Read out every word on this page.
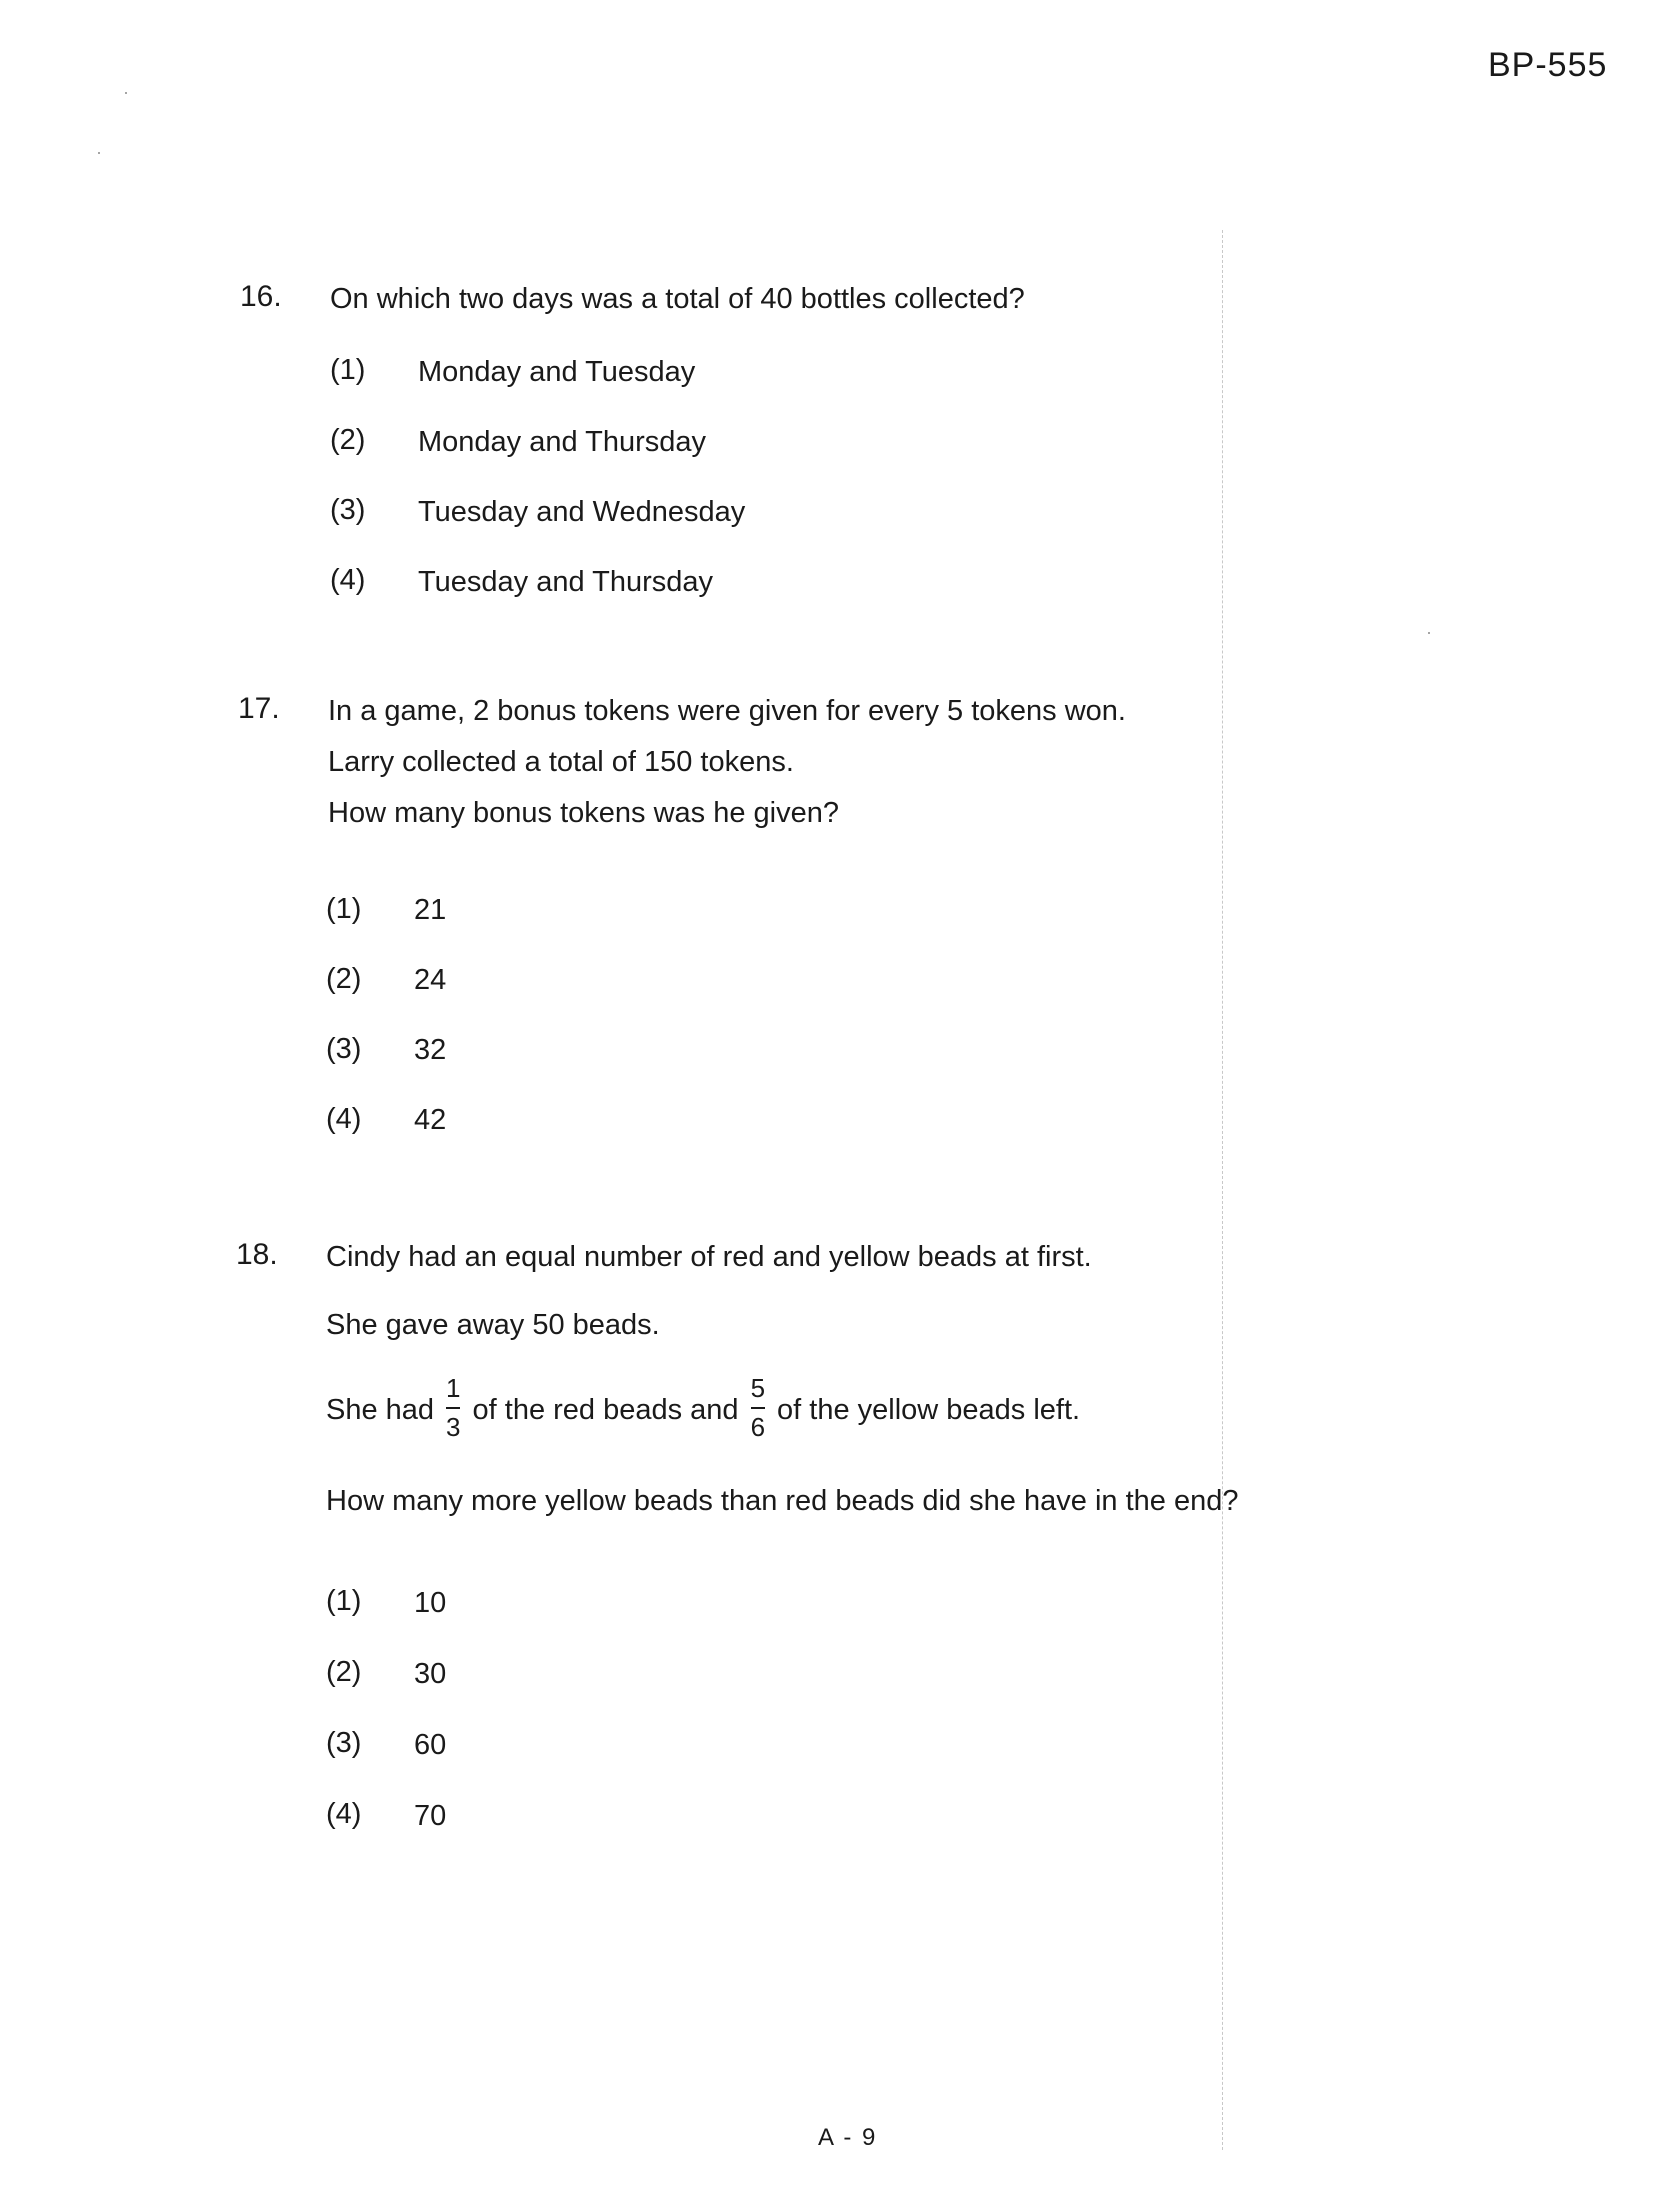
BP-555
16. On which two days was a total of 40 bottles collected?
(1) Monday and Tuesday
(2) Monday and Thursday
(3) Tuesday and Wednesday
(4) Tuesday and Thursday
17. In a game, 2 bonus tokens were given for every 5 tokens won.
Larry collected a total of 150 tokens.
How many bonus tokens was he given?
(1) 21
(2) 24
(3) 32
(4) 42
18. Cindy had an equal number of red and yellow beads at first.
She gave away 50 beads.
She had $\frac{1}{3}$ of the red beads and $\frac{5}{6}$ of the yellow beads left.
How many more yellow beads than red beads did she have in the end?
(1) 10
(2) 30
(3) 60
(4) 70
A - 9
